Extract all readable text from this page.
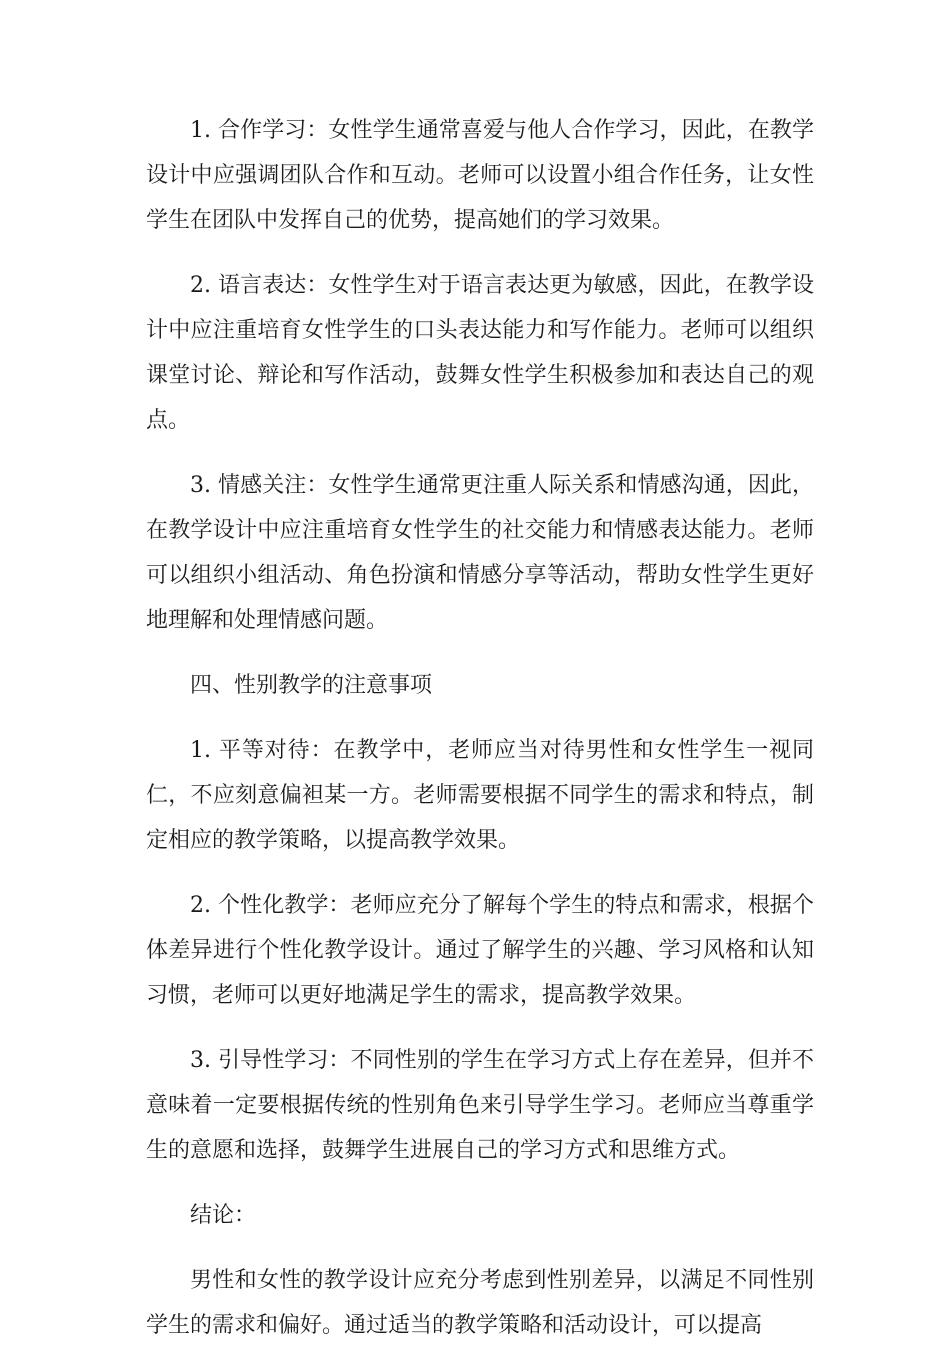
1. 合作学习：女性学生通常喜爱与他人合作学习，因此，在教学设计中应强调团队合作和互动。老师可以设置小组合作任务，让女性学生在团队中发挥自己的优势，提高她们的学习效果。

2. 语言表达：女性学生对于语言表达更为敏感，因此，在教学设计中应注重培育女性学生的口头表达能力和写作能力。老师可以组织课堂讨论、辩论和写作活动，鼓舞女性学生积极参加和表达自己的观点。

3. 情感关注：女性学生通常更注重人际关系和情感沟通，因此，在教学设计中应注重培育女性学生的社交能力和情感表达能力。老师可以组织小组活动、角色扮演和情感分享等活动，帮助女性学生更好地理解和处理情感问题。

四、性别教学的注意事项

1. 平等对待：在教学中，老师应当对待男性和女性学生一视同仁，不应刻意偏袒某一方。老师需要根据不同学生的需求和特点，制定相应的教学策略，以提高教学效果。

2. 个性化教学：老师应充分了解每个学生的特点和需求，根据个体差异进行个性化教学设计。通过了解学生的兴趣、学习风格和认知习惯，老师可以更好地满足学生的需求，提高教学效果。

3. 引导性学习：不同性别的学生在学习方式上存在差异，但并不意味着一定要根据传统的性别角色来引导学生学习。老师应当尊重学生的意愿和选择，鼓舞学生进展自己的学习方式和思维方式。

结论：

男性和女性的教学设计应充分考虑到性别差异，以满足不同性别学生的需求和偏好。通过适当的教学策略和活动设计，可以提高
